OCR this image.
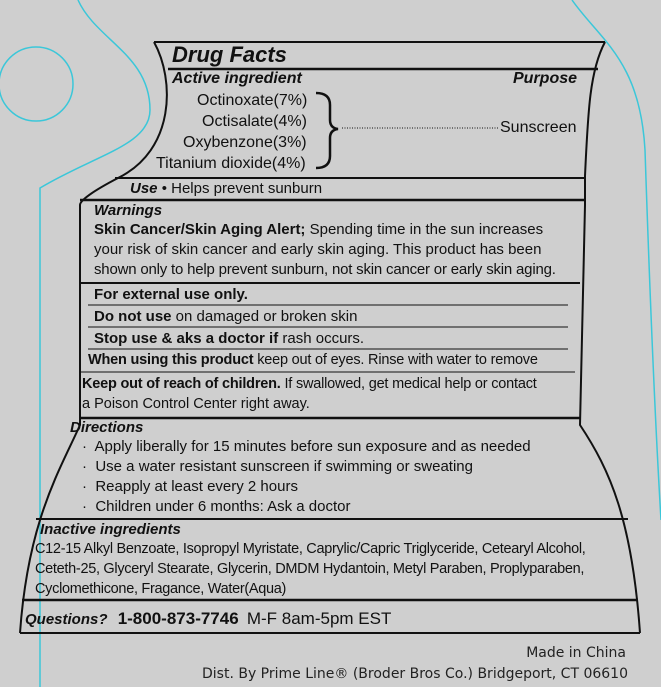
Drug Facts
Active ingredient	Purpose
Octinoxate(7%)
Octisalate(4%)
Oxybenzone(3%)
Titanium dioxide(4%)
Sunscreen
Use • Helps prevent sunburn
Warnings
Skin Cancer/Skin Aging Alert; Spending time in the sun increases
your risk of skin cancer and early skin aging. This product has been
shown only to help prevent sunburn, not skin cancer or early skin aging.
For external use only.
Do not use on damaged or broken skin
Stop use & aks a doctor if rash occurs.
When using this product keep out of eyes. Rinse with water to remove
Keep out of reach of children. If swallowed, get medical help or contact
a Poison Control Center right away.
Directions
·  Apply liberally for 15 minutes before sun exposure and as needed
·  Use a water resistant sunscreen if swimming or sweating
·  Reapply at least every 2 hours
·  Children under 6 months: Ask a doctor
Inactive ingredients
C12-15 Alkyl Benzoate, Isopropyl Myristate, Caprylic/Capric Triglyceride, Cetearyl Alcohol,
Ceteth-25, Glyceryl Stearate, Glycerin, DMDM Hydantoin, Metyl Paraben, Proplyparaben,
Cyclomethicone, Fragance, Water(Aqua)
Questions? 1-800-873-7746 M-F 8am-5pm EST
Made in China
Dist. By Prime Line® (Broder Bros Co.) Bridgeport, CT 06610
